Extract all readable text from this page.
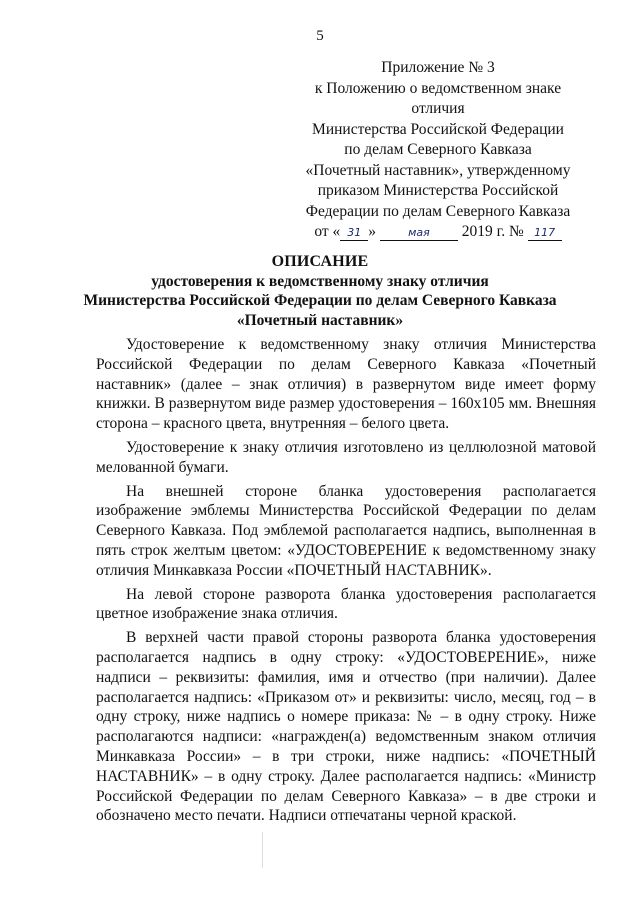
5
Приложение № 3
к Положению о ведомственном знаке отличия
Министерства Российской Федерации
по делам Северного Кавказа
«Почетный наставник», утвержденному
приказом Министерства Российской
Федерации по делам Северного Кавказа
от « 31 »	мая 2019 г. № 117
ОПИСАНИЕ
удостоверения к ведомственному знаку отличия
Министерства Российской Федерации по делам Северного Кавказа
«Почетный наставник»

Удостоверение к ведомственному знаку отличия Министерства Российской Федерации по делам Северного Кавказа «Почетный наставник» (далее – знак отличия) в развернутом виде имеет форму книжки. В развернутом виде размер удостоверения – 160х105 мм. Внешняя сторона – красного цвета, внутренняя – белого цвета.

Удостоверение к знаку отличия изготовлено из целлюлозной матовой мелованной бумаги.

На внешней стороне бланка удостоверения располагается изображение эмблемы Министерства Российской Федерации по делам Северного Кавказа. Под эмблемой располагается надпись, выполненная в пять строк желтым цветом: «УДОСТОВЕРЕНИЕ к ведомственному знаку отличия Минкавказа России «ПОЧЕТНЫЙ НАСТАВНИК».

На левой стороне разворота бланка удостоверения располагается цветное изображение знака отличия.

В верхней части правой стороны разворота бланка удостоверения располагается надпись в одну строку: «УДОСТОВЕРЕНИЕ», ниже надписи – реквизиты: фамилия, имя и отчество (при наличии). Далее располагается надпись: «Приказом от» и реквизиты: число, месяц, год – в одну строку, ниже надпись о номере приказа: № – в одну строку. Ниже располагаются надписи: «награжден(а) ведомственным знаком отличия Минкавказа России» – в три строки, ниже надпись: «ПОЧЕТНЫЙ НАСТАВНИК» – в одну строку. Далее располагается надпись: «Министр Российской Федерации по делам Северного Кавказа» – в две строки и обозначено место печати. Надписи отпечатаны черной краской.
